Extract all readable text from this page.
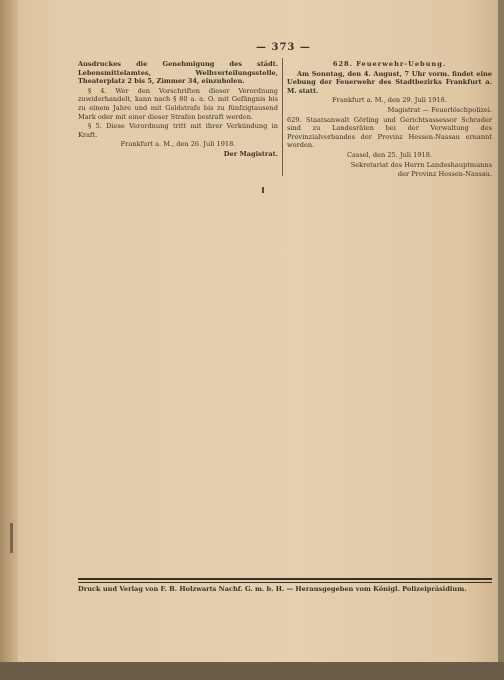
— 373 —

Ausdruckes die Genehmigung des städt. Lebensmittelamtes, Welhverteilungsstelle, Theaterplatz 2 bis 5, Zimmer 34, einzuholen.

§ 4. Wer den Vorschriften dieser Verordnung zuwiderhandelt, kann nach § 80 a. a. O. mit Gefängnis bis zu einem Jahre und mit Geldstrafe bis zu fünfzigtausend Mark oder mit einer dieser Strafen bestraft werden.

§ 5. Diese Verordnung tritt mit ihrer Verkündung in Kraft.

Frankfurt a. M., den 26. Juli 1918.

Der Magistrat.

628. Feuerwehr-Uebung.

Am Sonntag, den 4. August, 7 Uhr vorm. findet eine Uebung der Feuerwehr des Stadtbezirks Frankfurt a. M. statt.

Frankfurt a. M., den 29. Juli 1918.

Magistrat — Feuerlöschpolizei.

629. Staatsanwalt Görling und Gerichtsassessor Schrader sind zu Landesräten bei der Verwaltung des Provinzialverbandes der Provinz Hessen-Nassau ernannt worden.

Cassel, den 25. Juli 1918.

Sekretariat des Herrn Landeshauptmanns

der Provinz Hessen-Nassau.

Druck und Verlag von F. B. Holzwarts Nachf. G. m. b. H. — Herausgegeben vom Königl. Polizeipräsidium.
